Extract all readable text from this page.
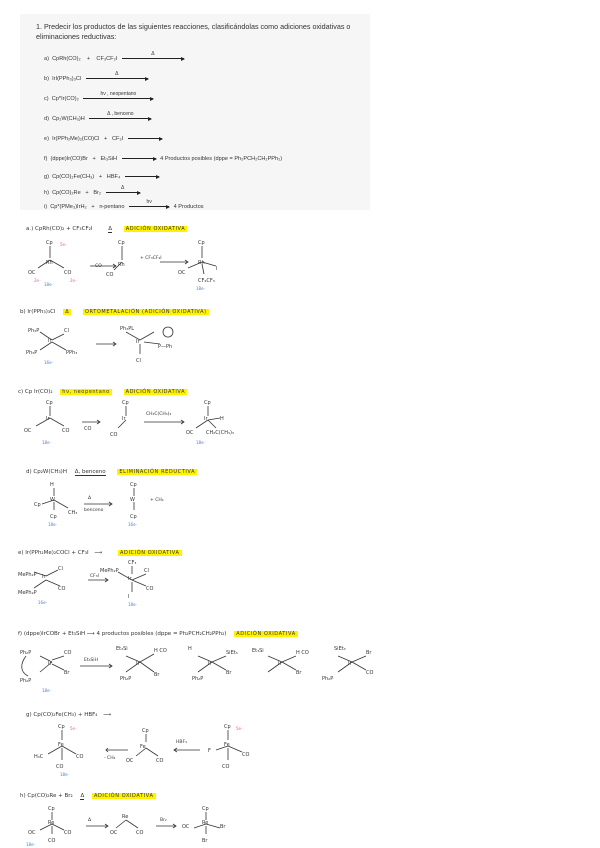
1. Predecir los productos de las siguientes reacciones, clasificándolas como adiciones oxidativas o eliminaciones reductivas:
a) CpRh(CO)₂ + CF₃CF₂I
Δ
b) IrI(PPh₃)₃Cl
Δ
c) Cp*Ir(CO)₂
hν , neopentano
d) Cp₂W(CH₃)H
Δ , benceno
e) Ir(PPh₂Me)₂(CO)Cl + CF₃I
f) (dppe)Ir(CO)Br + Et₃SiH	4 Productos posibles (dppe = Ph₂PCH₂CH₂PPh₂)
g) Cp(CO)₂Fe(CH₃) + HBF₄
h) Cp(CO)₂Re + Br₂
Δ
i) Cp*(PMe₃)IrH₂ + n-pentano
hν
4 Productos
a.) CpRh(CO)₂ + CF₃CF₂I	Δ	ADICIÓN OXIDATIVA
Cp
Rh
OC	CO
Cp
Rh
CO
Cp
Rh
OC
I
CF₂CF₃
18e⁻
18e⁻
5e⁻
2e⁻	2e⁻
- CO
+ CF₃CF₂I
b) Ir(PPh₃)₃Cl Δ	ORTOMETALACIÓN (ADICIÓN OXIDATIVA)
Ph₃P
Ir
Cl
Ph₃P	PPh₃
Ph₃PL
Ir
Cl
P—Ph
16e⁻
c) Cp Ir(CO)₂ hν, neopentano	ADICIÓN OXIDATIVA
Cp
Ir
OC	CO	CO
Cp
Ir
CO
Cp
Ir H
OC	CH₂C(CH₃)₃
18e⁻	18e⁻
CH₃C(CH₃)₃
d) Cp₂W(CH₃)H Δ, benceno	ELIMINACIÓN REDUCTIVA
H
W
CH₃
Cp
Cp
Cp
W
Cp
18e⁻	16e⁻
Δ
benceno
+ CH₄
e) Ir(PPh₂Me)₂COCl + CF₃I ⟶	ADICIÓN OXIDATIVA
MePh₂P Ir
Cl
MePh₂P
CO
CF₃
MePh₂P
Ir
Cl
CO
I
16e⁻	18e⁻
CF₃I
f) (dppe)IrCOBr + Et₃SiH ⟶ 4 productos posibles (dppe = Ph₂PCH₂CH₂PPh₂) ADICIÓN OXIDATIVA
Ph₂P
Ir
CO
Br
Ph₂P
Et₃Si
Ir
H CO
Br
Ph₂P
H
Ir
SiEt₃
Br
Ph₂P
Et₃Si
Ir
H CO
Br
SiEt₃
Ir
Br
CO
Ph₂P
18e⁻
Et₃SiH
g) Cp(CO)₂Fe(CH₃) + HBF₄ ⟶
Cp
Fe
H₃C	CO
CO
Cp
Fe
OC	CO
Cp
Fe
F
CO
CO
18e⁻
5e⁻	5e⁻
- CH₄
HBF₄
h) Cp(CO)₂Re + Br₂ Δ ADICIÓN OXIDATIVA
Cp
Re
OC	CO
CO
Re
OC	CO
Cp
Re
OC	Br
Br
18e⁻
Δ	Br₂
